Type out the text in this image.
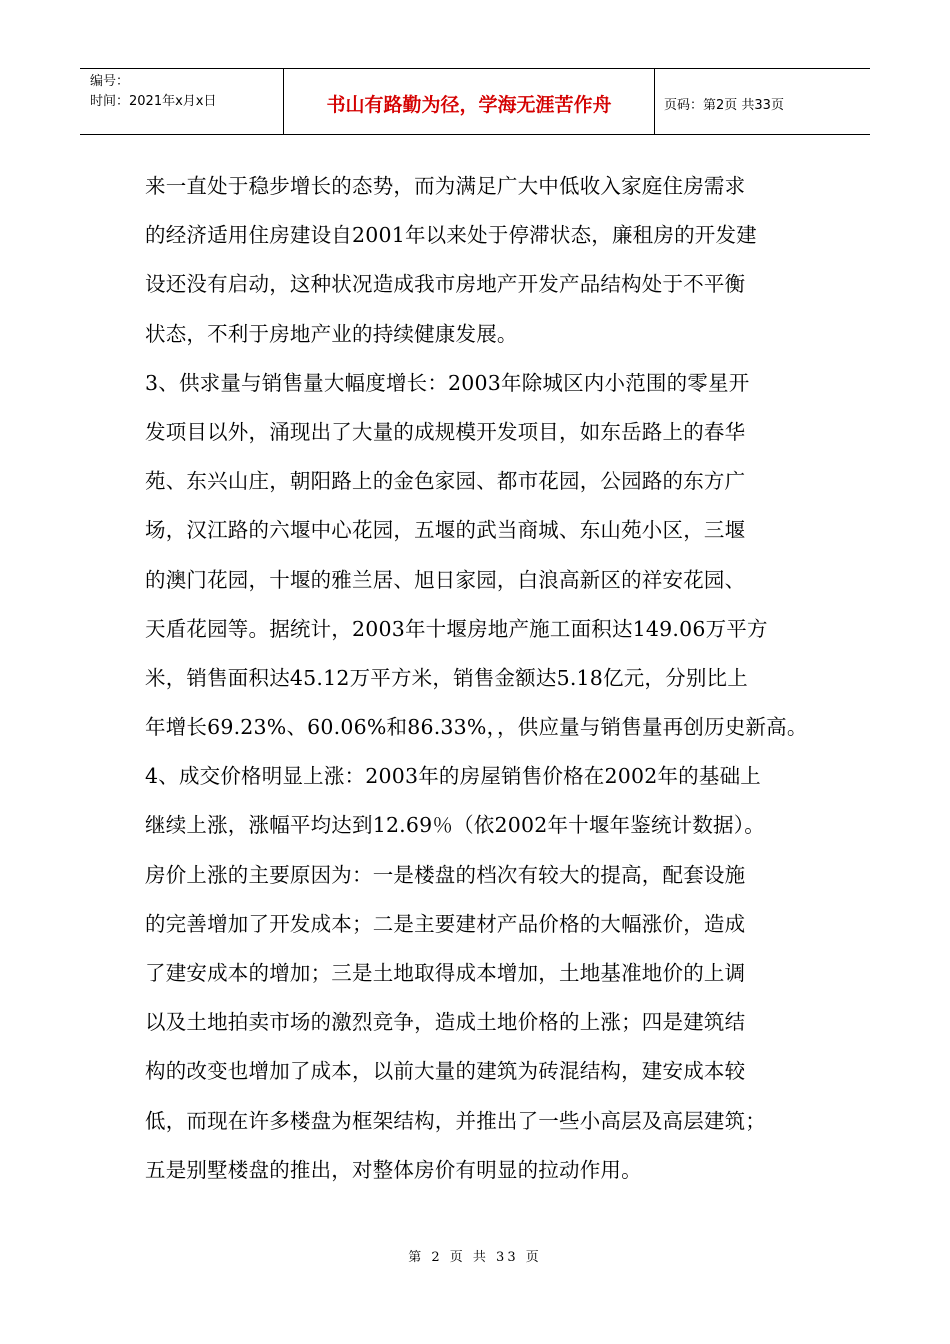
编号：
时间：2021年x月x日	书山有路勤为径，学海无涯苦作舟	页码：第2页 共33页
来一直处于稳步增长的态势，而为满足广大中低收入家庭住房需求
的经济适用住房建设自2001年以来处于停滞状态，廉租房的开发建
设还没有启动，这种状况造成我市房地产开发产品结构处于不平衡
状态，不利于房地产业的持续健康发展。
3、供求量与销售量大幅度增长：2003年除城区内小范围的零星开
发项目以外，涌现出了大量的成规模开发项目，如东岳路上的春华
苑、东兴山庄，朝阳路上的金色家园、都市花园，公园路的东方广
场，汉江路的六堰中心花园，五堰的武当商城、东山苑小区，三堰
的澳门花园，十堰的雅兰居、旭日家园，白浪高新区的祥安花园、
天盾花园等。据统计，2003年十堰房地产施工面积达149.06万平方
米，销售面积达45.12万平方米，销售金额达5.18亿元，分别比上
年增长69.23%、60.06%和86.33%，，供应量与销售量再创历史新高。
4、成交价格明显上涨：2003年的房屋销售价格在2002年的基础上
继续上涨，涨幅平均达到12.69％（依2002年十堰年鉴统计数据）。
房价上涨的主要原因为：一是楼盘的档次有较大的提高，配套设施
的完善增加了开发成本；二是主要建材产品价格的大幅涨价，造成
了建安成本的增加；三是土地取得成本增加，土地基准地价的上调
以及土地拍卖市场的激烈竞争，造成土地价格的上涨；四是建筑结
构的改变也增加了成本，以前大量的建筑为砖混结构，建安成本较
低，而现在许多楼盘为框架结构，并推出了一些小高层及高层建筑；
五是别墅楼盘的推出，对整体房价有明显的拉动作用。
第 2 页 共 33 页
